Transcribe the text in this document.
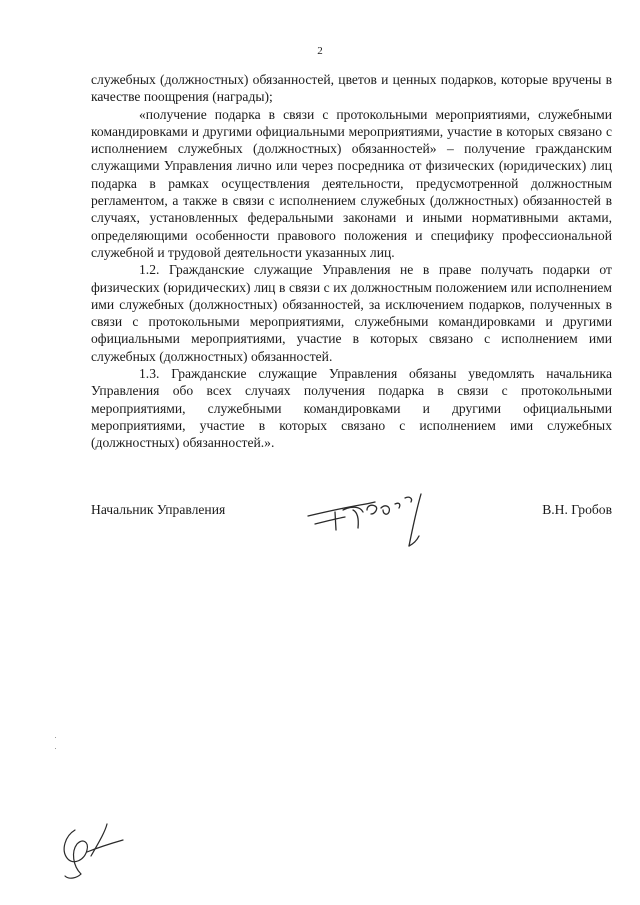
2

служебных (должностных) обязанностей, цветов и ценных подарков, которые вручены в качестве поощрения (награды);

«получение подарка в связи с протокольными мероприятиями, служебными командировками и другими официальными мероприятиями, участие в которых связано с исполнением служебных (должностных) обязанностей» – получение гражданским служащими Управления лично или через посредника от физических (юридических) лиц подарка в рамках осуществления деятельности, предусмотренной должностным регламентом, а также в связи с исполнением служебных (должностных) обязанностей в случаях, установленных федеральными законами и иными нормативными актами, определяющими особенности правового положения и специфику профессиональной служебной и трудовой деятельности указанных лиц.

1.2. Гражданские служащие Управления не в праве получать подарки от физических (юридических) лиц в связи с их должностным положением или исполнением ими служебных (должностных) обязанностей, за исключением подарков, полученных в связи с протокольными мероприятиями, служебными командировками и другими официальными мероприятиями, участие в которых связано с исполнением ими служебных (должностных) обязанностей.

1.3. Гражданские служащие Управления обязаны уведомлять начальника Управления обо всех случаях получения подарка в связи с протокольными мероприятиями, служебными командировками и другими официальными мероприятиями, участие в которых связано с исполнением ими служебных (должностных) обязанностей.».

Начальник Управления	В.Н. Гробов
